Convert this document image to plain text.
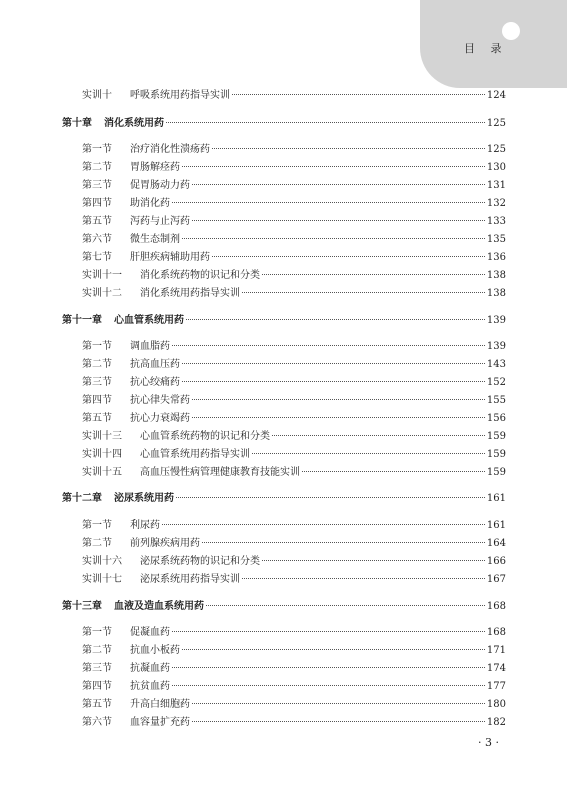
目 录
实训十	呼吸系统用药指导实训	124
第十章 消化系统用药	125
第一节	治疗消化性溃疡药	125
第二节	胃肠解痉药	130
第三节	促胃肠动力药	131
第四节	助消化药	132
第五节	泻药与止泻药	133
第六节	微生态制剂	135
第七节	肝胆疾病辅助用药	136
实训十一	消化系统药物的识记和分类	138
实训十二	消化系统用药指导实训	138
第十一章 心血管系统用药	139
第一节	调血脂药	139
第二节	抗高血压药	143
第三节	抗心绞痛药	152
第四节	抗心律失常药	155
第五节	抗心力衰竭药	156
实训十三	心血管系统药物的识记和分类	159
实训十四	心血管系统用药指导实训	159
实训十五	高血压慢性病管理健康教育技能实训	159
第十二章 泌尿系统用药	161
第一节	利尿药	161
第二节	前列腺疾病用药	164
实训十六	泌尿系统药物的识记和分类	166
实训十七	泌尿系统用药指导实训	167
第十三章 血液及造血系统用药	168
第一节	促凝血药	168
第二节	抗血小板药	171
第三节	抗凝血药	174
第四节	抗贫血药	177
第五节	升高白细胞药	180
第六节	血容量扩充药	182
· 3 ·
